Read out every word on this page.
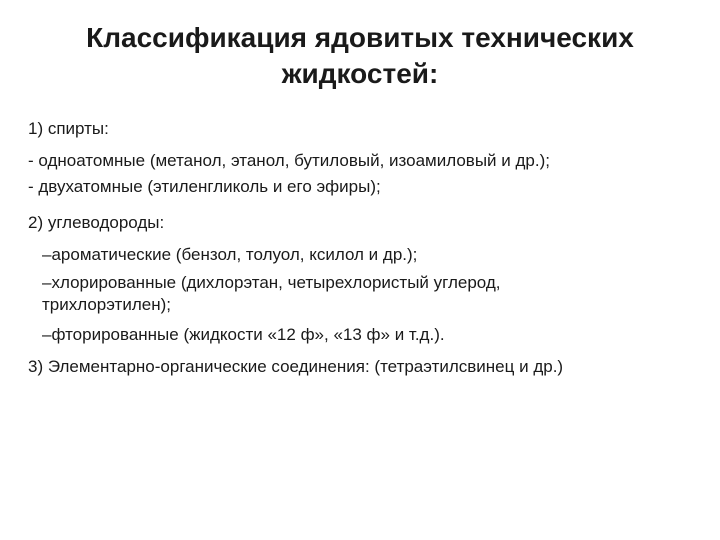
Классификация ядовитых технических
жидкостей:
1) спирты:
- одноатомные (метанол, этанол, бутиловый, изоамиловый и др.);
- двухатомные (этиленгликоль и его эфиры);
2) углеводороды:
–ароматические (бензол, толуол, ксилол и др.);
–хлорированные (дихлорэтан, четырехлористый углерод,
трихлорэтилен);
–фторированные (жидкости «12 ф», «13 ф» и т.д.).
3) Элементарно-органические соединения: (тетраэтилсвинец и др.)
